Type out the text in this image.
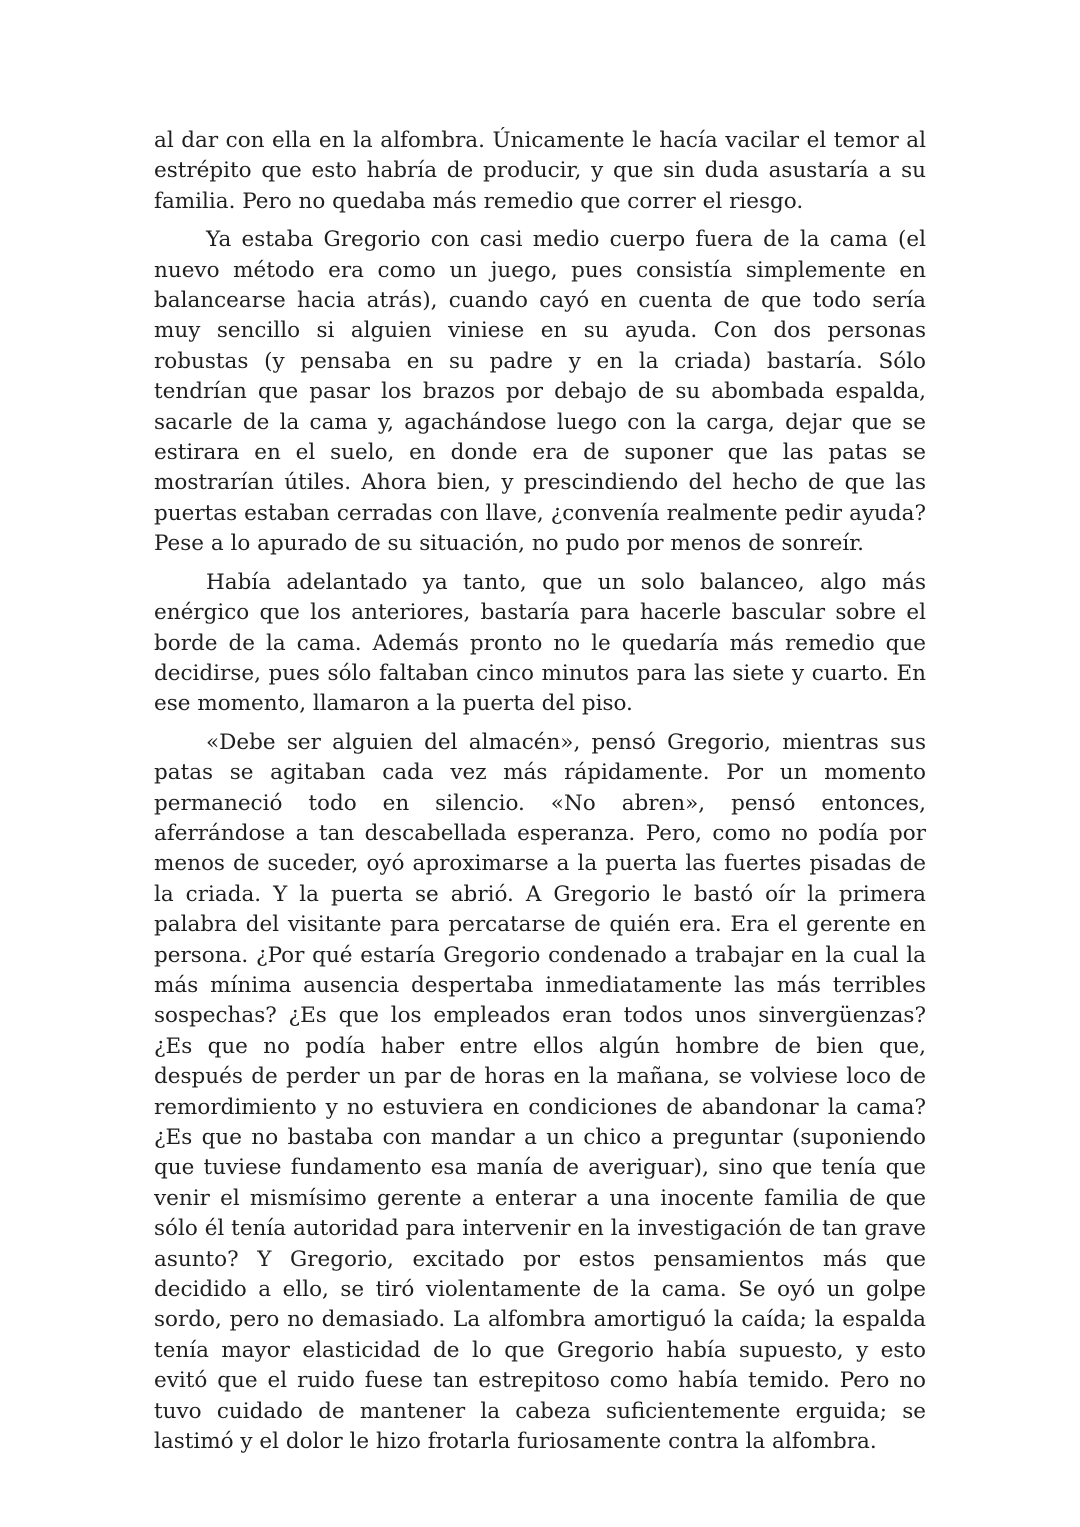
al dar con ella en la alfombra. Únicamente le hacía vacilar el temor al estrépito que esto habría de producir, y que sin duda asustaría a su familia. Pero no quedaba más remedio que correr el riesgo.

Ya estaba Gregorio con casi medio cuerpo fuera de la cama (el nuevo método era como un juego, pues consistía simplemente en balancearse hacia atrás), cuando cayó en cuenta de que todo sería muy sencillo si alguien viniese en su ayuda. Con dos personas robustas (y pensaba en su padre y en la criada) bastaría. Sólo tendrían que pasar los brazos por debajo de su abombada espalda, sacarle de la cama y, agachándose luego con la carga, dejar que se estirara en el suelo, en donde era de suponer que las patas se mostrarían útiles. Ahora bien, y prescindiendo del hecho de que las puertas estaban cerradas con llave, ¿convenía realmente pedir ayuda? Pese a lo apurado de su situación, no pudo por menos de sonreír.

Había adelantado ya tanto, que un solo balanceo, algo más enérgico que los anteriores, bastaría para hacerle bascular sobre el borde de la cama. Además pronto no le quedaría más remedio que decidirse, pues sólo faltaban cinco minutos para las siete y cuarto. En ese momento, llamaron a la puerta del piso.

«Debe ser alguien del almacén», pensó Gregorio, mientras sus patas se agitaban cada vez más rápidamente. Por un momento permaneció todo en silencio. «No abren», pensó entonces, aferrándose a tan descabellada esperanza. Pero, como no podía por menos de suceder, oyó aproximarse a la puerta las fuertes pisadas de la criada. Y la puerta se abrió. A Gregorio le bastó oír la primera palabra del visitante para percatarse de quién era. Era el gerente en persona. ¿Por qué estaría Gregorio condenado a trabajar en la cual la más mínima ausencia despertaba inmediatamente las más terribles sospechas? ¿Es que los empleados eran todos unos sinvergüenzas? ¿Es que no podía haber entre ellos algún hombre de bien que, después de perder un par de horas en la mañana, se volviese loco de remordimiento y no estuviera en condiciones de abandonar la cama? ¿Es que no bastaba con mandar a un chico a preguntar (suponiendo que tuviese fundamento esa manía de averiguar), sino que tenía que venir el mismísimo gerente a enterar a una inocente familia de que sólo él tenía autoridad para intervenir en la investigación de tan grave asunto? Y Gregorio, excitado por estos pensamientos más que decidido a ello, se tiró violentamente de la cama. Se oyó un golpe sordo, pero no demasiado. La alfombra amortiguó la caída; la espalda tenía mayor elasticidad de lo que Gregorio había supuesto, y esto evitó que el ruido fuese tan estrepitoso como había temido. Pero no tuvo cuidado de mantener la cabeza suficientemente erguida; se lastimó y el dolor le hizo frotarla furiosamente contra la alfombra.
